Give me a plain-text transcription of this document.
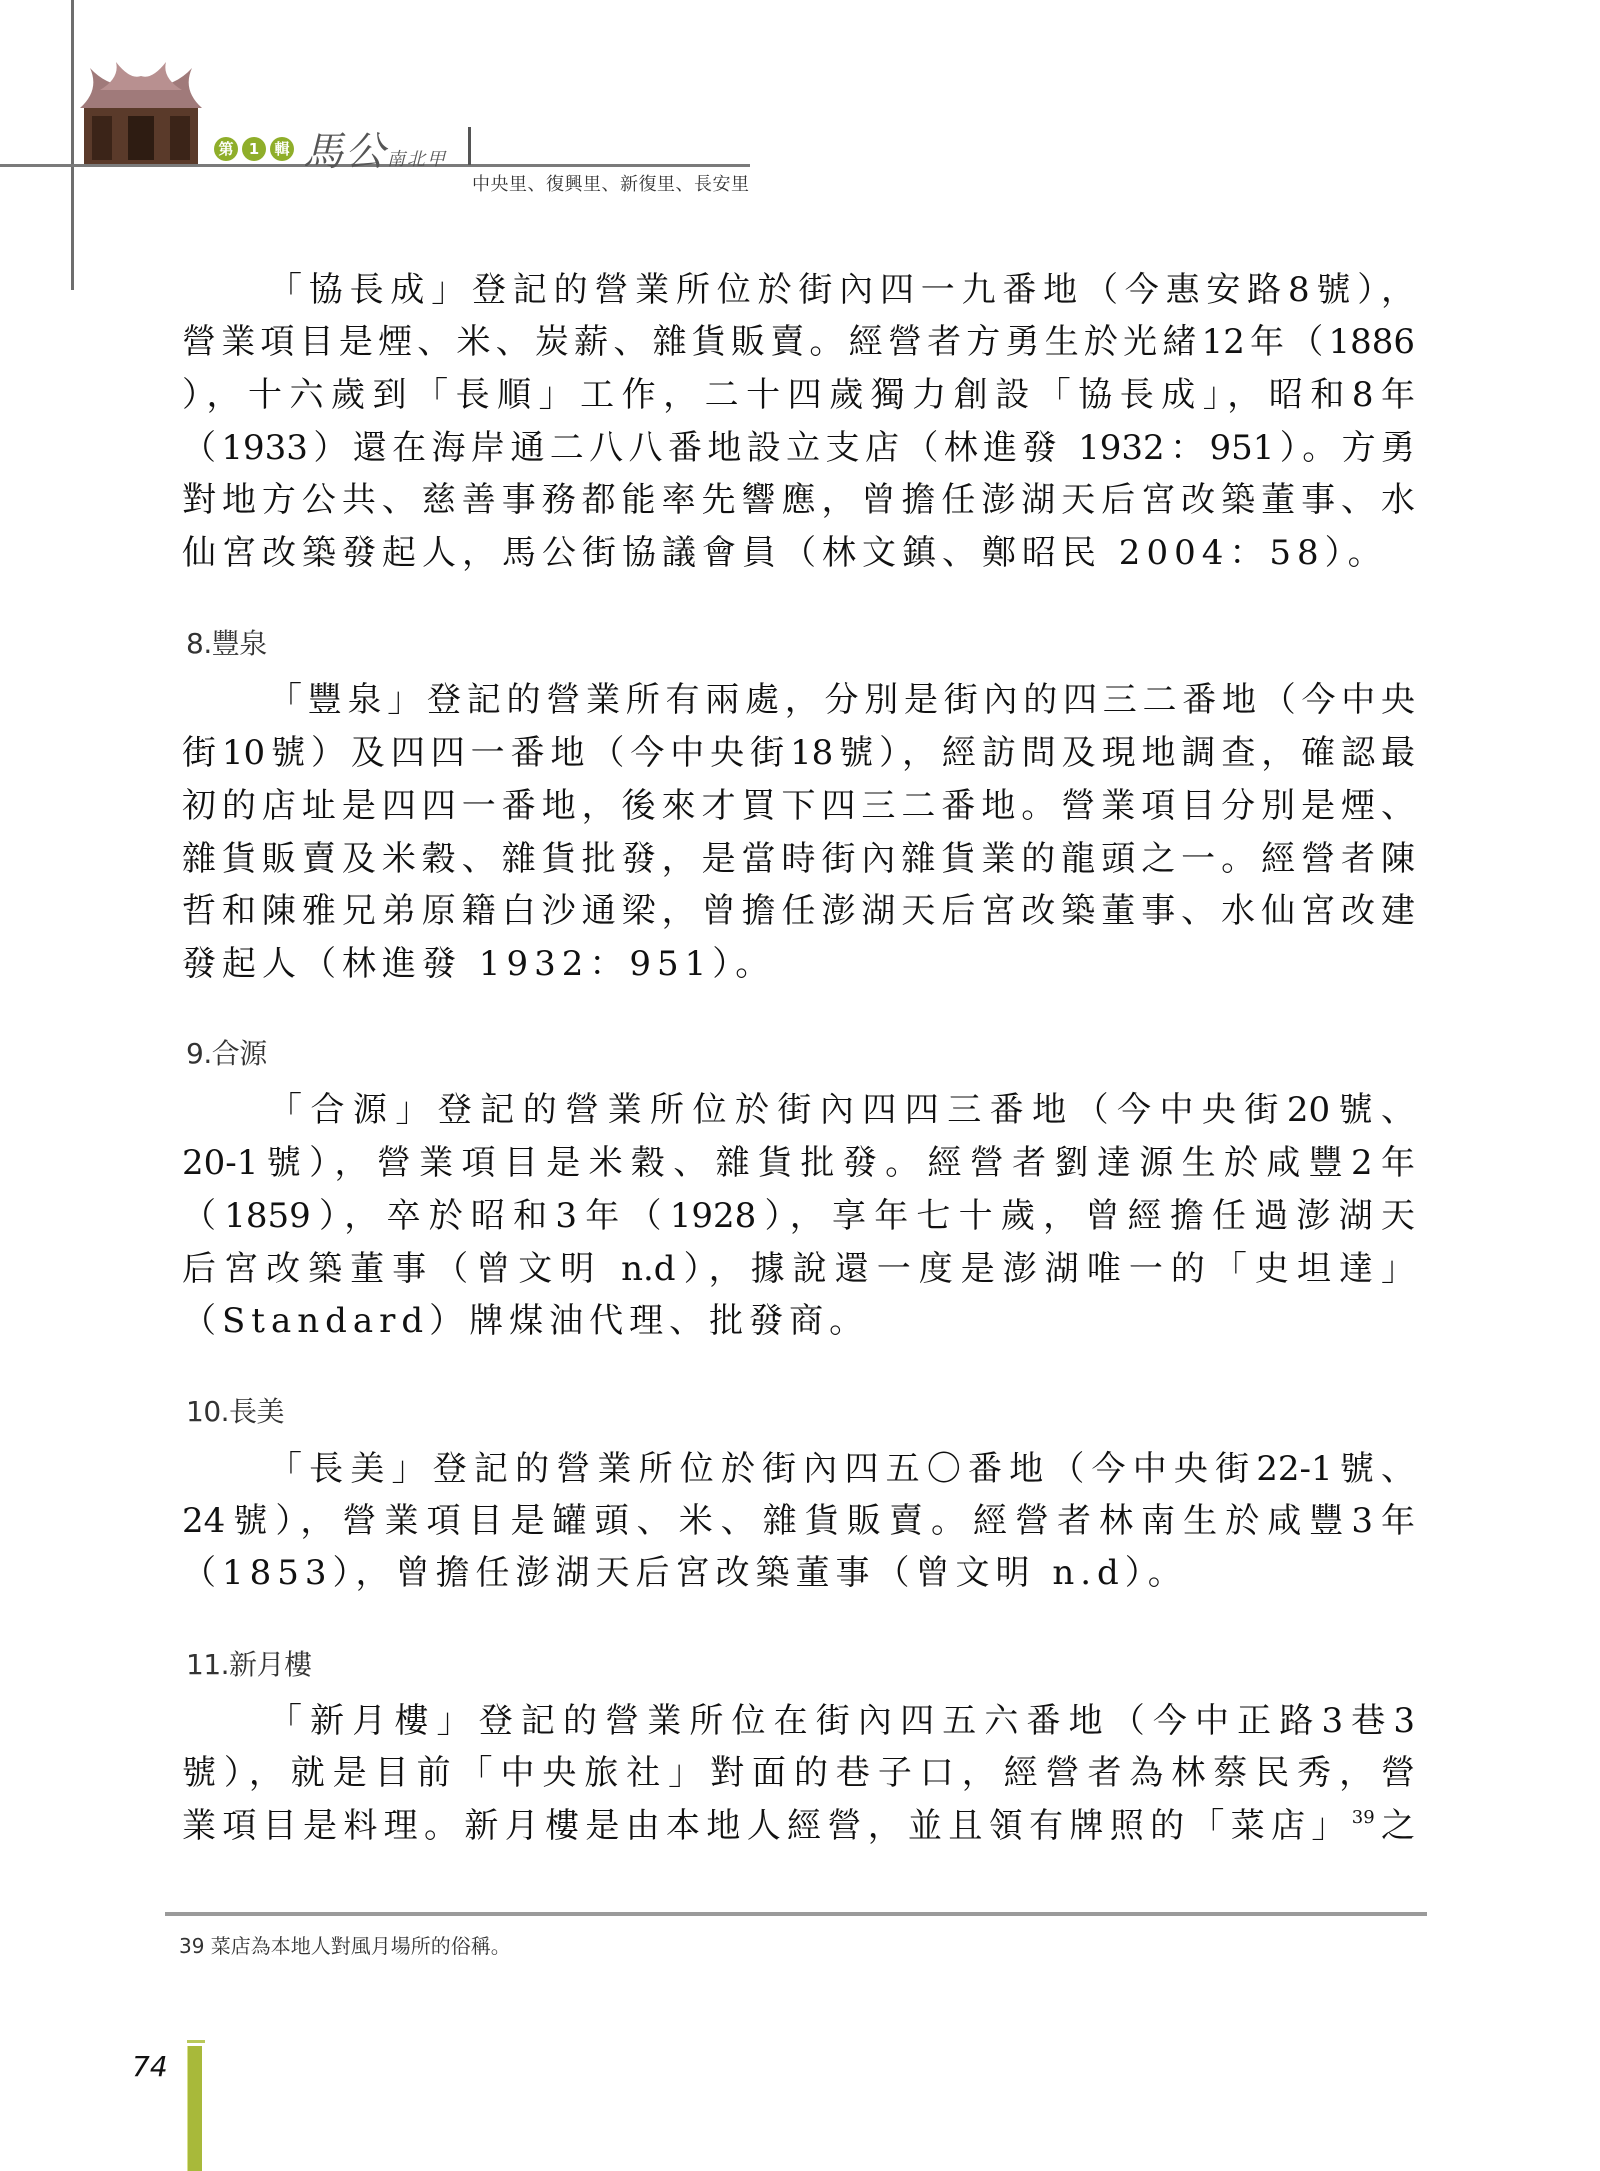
第	1	輯 馬公南北甲
中央里、復興里、新復里、長安里
「協長成」登記的營業所位於街內四一九番地（今惠安路8號），
營業項目是煙、米、炭薪、雜貨販賣。經營者方勇生於光緒12年（1886
），十六歲到「長順」工作，二十四歲獨力創設「協長成」，昭和8年
（1933）還在海岸通二八八番地設立支店（林進發 1932：951）。方勇
對地方公共、慈善事務都能率先響應，曾擔任澎湖天后宮改築董事、水
仙宮改築發起人，馬公街協議會員（林文鎮、鄭昭民 2004：58）。
8.豐泉
「豐泉」登記的營業所有兩處，分別是街內的四三二番地（今中央
街10號）及四四一番地（今中央街18號），經訪問及現地調查，確認最
初的店址是四四一番地，後來才買下四三二番地。營業項目分別是煙、
雜貨販賣及米穀、雜貨批發，是當時街內雜貨業的龍頭之一。經營者陳
哲和陳雅兄弟原籍白沙通梁，曾擔任澎湖天后宮改築董事、水仙宮改建
發起人（林進發 1932：951）。
9.合源
「合源」登記的營業所位於街內四四三番地（今中央街20號、
20-1號），營業項目是米穀、雜貨批發。經營者劉達源生於咸豐2年
（1859），卒於昭和3年（1928），享年七十歲，曾經擔任過澎湖天
后宮改築董事（曾文明 n.d），據說還一度是澎湖唯一的「史坦達」
（Standard）牌煤油代理、批發商。
10.長美
「長美」登記的營業所位於街內四五〇番地（今中央街22-1號、
24號），營業項目是罐頭、米、雜貨販賣。經營者林南生於咸豐3年
（1853），曾擔任澎湖天后宮改築董事（曾文明 n.d）。
11.新月樓
「新月樓」登記的營業所位在街內四五六番地（今中正路3巷3
號），就是目前「中央旅社」對面的巷子口，經營者為林蔡民秀，營
業項目是料理。新月樓是由本地人經營，並且領有牌照的「菜店」$^{39}$之
39 菜店為本地人對風月場所的俗稱。
74
